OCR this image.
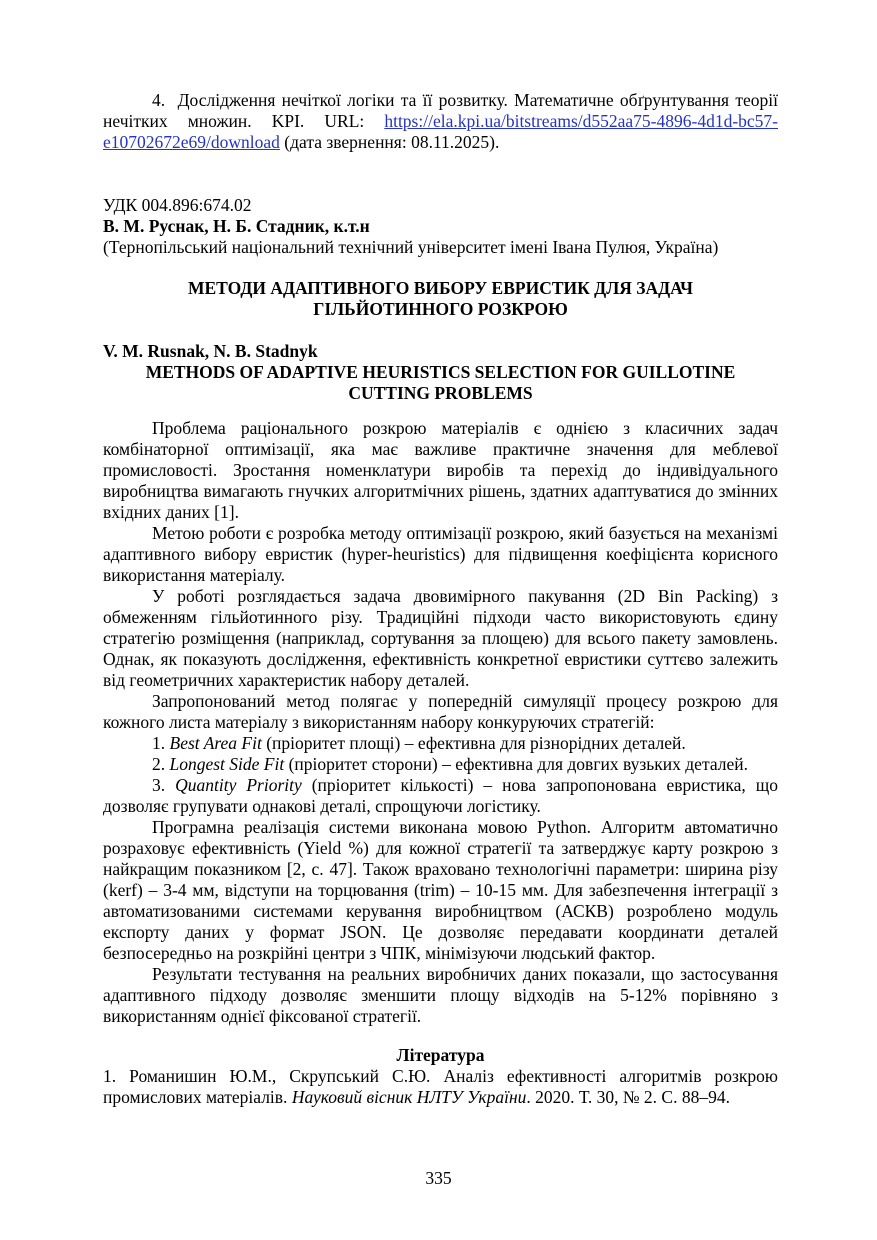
4.  Дослідження нечіткої логіки та її розвитку. Математичне обґрунтування теорії нечітких множин. KPI. URL: https://ela.kpi.ua/bitstreams/d552aa75-4896-4d1d-bc57-e10702672e69/download (дата звернення: 08.11.2025).

УДК 004.896:674.02
В. М. Руснак, Н. Б. Стадник, к.т.н
(Тернопільський національний технічний університет імені Івана Пулюя, Україна)
МЕТОДИ АДАПТИВНОГО ВИБОРУ ЕВРИСТИК ДЛЯ ЗАДАЧ ГІЛЬЙОТИННОГО РОЗКРОЮ
V. M. Rusnak, N. B. Stadnyk
METHODS OF ADAPTIVE HEURISTICS SELECTION FOR GUILLOTINE CUTTING PROBLEMS

Проблема раціонального розкрою матеріалів є однією з класичних задач комбінаторної оптимізації, яка має важливе практичне значення для меблевої промисловості. Зростання номенклатури виробів та перехід до індивідуального виробництва вимагають гнучких алгоритмічних рішень, здатних адаптуватися до змінних вхідних даних [1].

Метою роботи є розробка методу оптимізації розкрою, який базується на механізмі адаптивного вибору евристик (hyper-heuristics) для підвищення коефіцієнта корисного використання матеріалу.

У роботі розглядається задача двовимірного пакування (2D Bin Packing) з обмеженням гільйотинного різу. Традиційні підходи часто використовують єдину стратегію розміщення (наприклад, сортування за площею) для всього пакету замовлень. Однак, як показують дослідження, ефективність конкретної евристики суттєво залежить від геометричних характеристик набору деталей.

Запропонований метод полягає у попередній симуляції процесу розкрою для кожного листа матеріалу з використанням набору конкуруючих стратегій:

1. Best Area Fit (пріоритет площі) – ефективна для різнорідних деталей.

2. Longest Side Fit (пріоритет сторони) – ефективна для довгих вузьких деталей.

3. Quantity Priority (пріоритет кількості) – нова запропонована евристика, що дозволяє групувати однакові деталі, спрощуючи логістику.

Програмна реалізація системи виконана мовою Python. Алгоритм автоматично розраховує ефективність (Yield %) для кожної стратегії та затверджує карту розкрою з найкращим показником [2, с. 47]. Також враховано технологічні параметри: ширина різу (kerf) – 3-4 мм, відступи на торцювання (trim) – 10-15 мм. Для забезпечення інтеграції з автоматизованими системами керування виробництвом (АСКВ) розроблено модуль експорту даних у формат JSON. Це дозволяє передавати координати деталей безпосередньо на розкрійні центри з ЧПК, мінімізуючи людський фактор.

Результати тестування на реальних виробничих даних показали, що застосування адаптивного підходу дозволяє зменшити площу відходів на 5-12% порівняно з використанням однієї фіксованої стратегії.

Література

1. Романишин Ю.М., Скрупський С.Ю. Аналіз ефективності алгоритмів розкрою промислових матеріалів. Науковий вісник НЛТУ України. 2020. Т. 30, № 2. С. 88–94.

335
